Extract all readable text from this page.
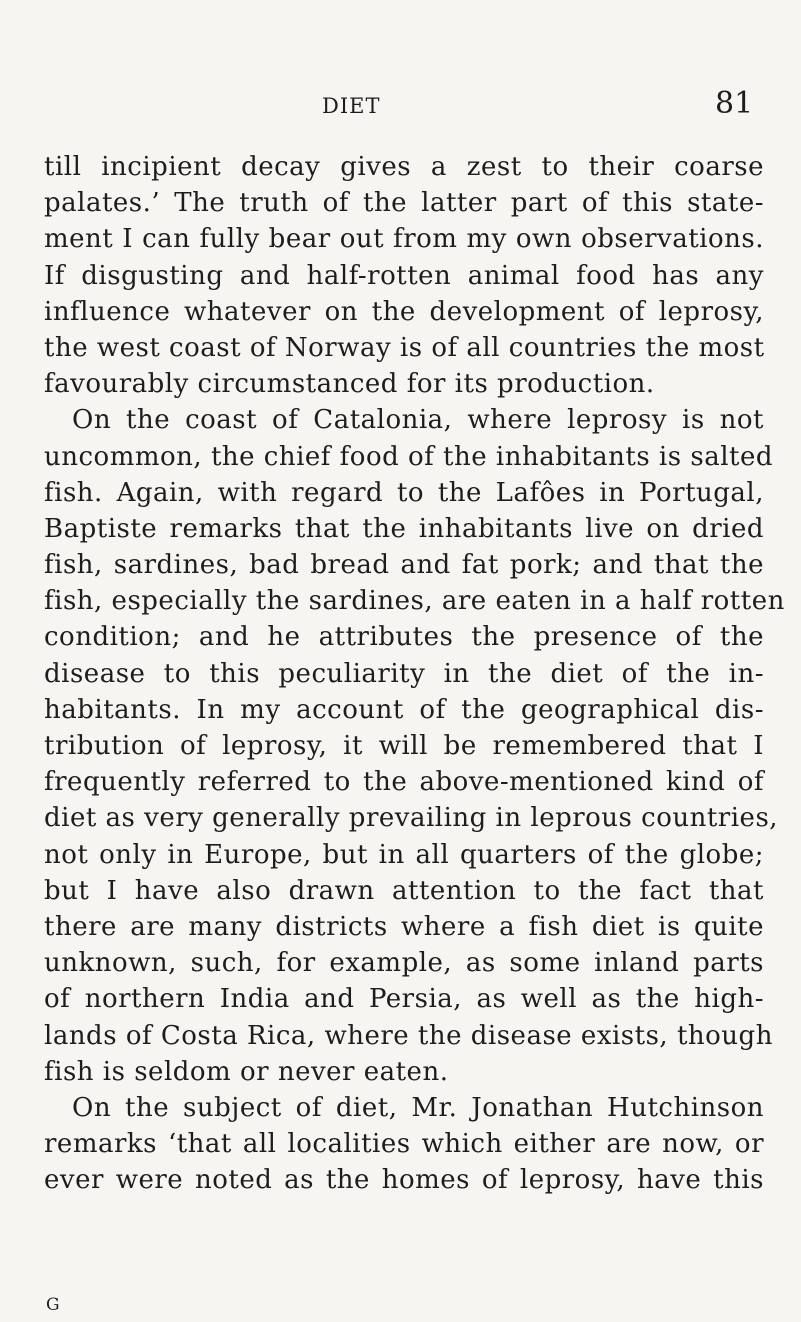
DIET	81
till incipient decay gives a zest to their coarse
palates.’ The truth of the latter part of this state-
ment I can fully bear out from my own observations.
If disgusting and half-rotten animal food has any
influence whatever on the development of leprosy,
the west coast of Norway is of all countries the most
favourably circumstanced for its production.
On the coast of Catalonia, where leprosy is not
uncommon, the chief food of the inhabitants is salted
fish. Again, with regard to the Lafôes in Portugal,
Baptiste remarks that the inhabitants live on dried
fish, sardines, bad bread and fat pork; and that the
fish, especially the sardines, are eaten in a half rotten
condition; and he attributes the presence of the
disease to this peculiarity in the diet of the in-
habitants. In my account of the geographical dis-
tribution of leprosy, it will be remembered that I
frequently referred to the above-mentioned kind of
diet as very generally prevailing in leprous countries,
not only in Europe, but in all quarters of the globe;
but I have also drawn attention to the fact that
there are many districts where a fish diet is quite
unknown, such, for example, as some inland parts
of northern India and Persia, as well as the high-
lands of Costa Rica, where the disease exists, though
fish is seldom or never eaten.
On the subject of diet, Mr. Jonathan Hutchinson
remarks ‘that all localities which either are now, or
ever were noted as the homes of leprosy, have this
G
